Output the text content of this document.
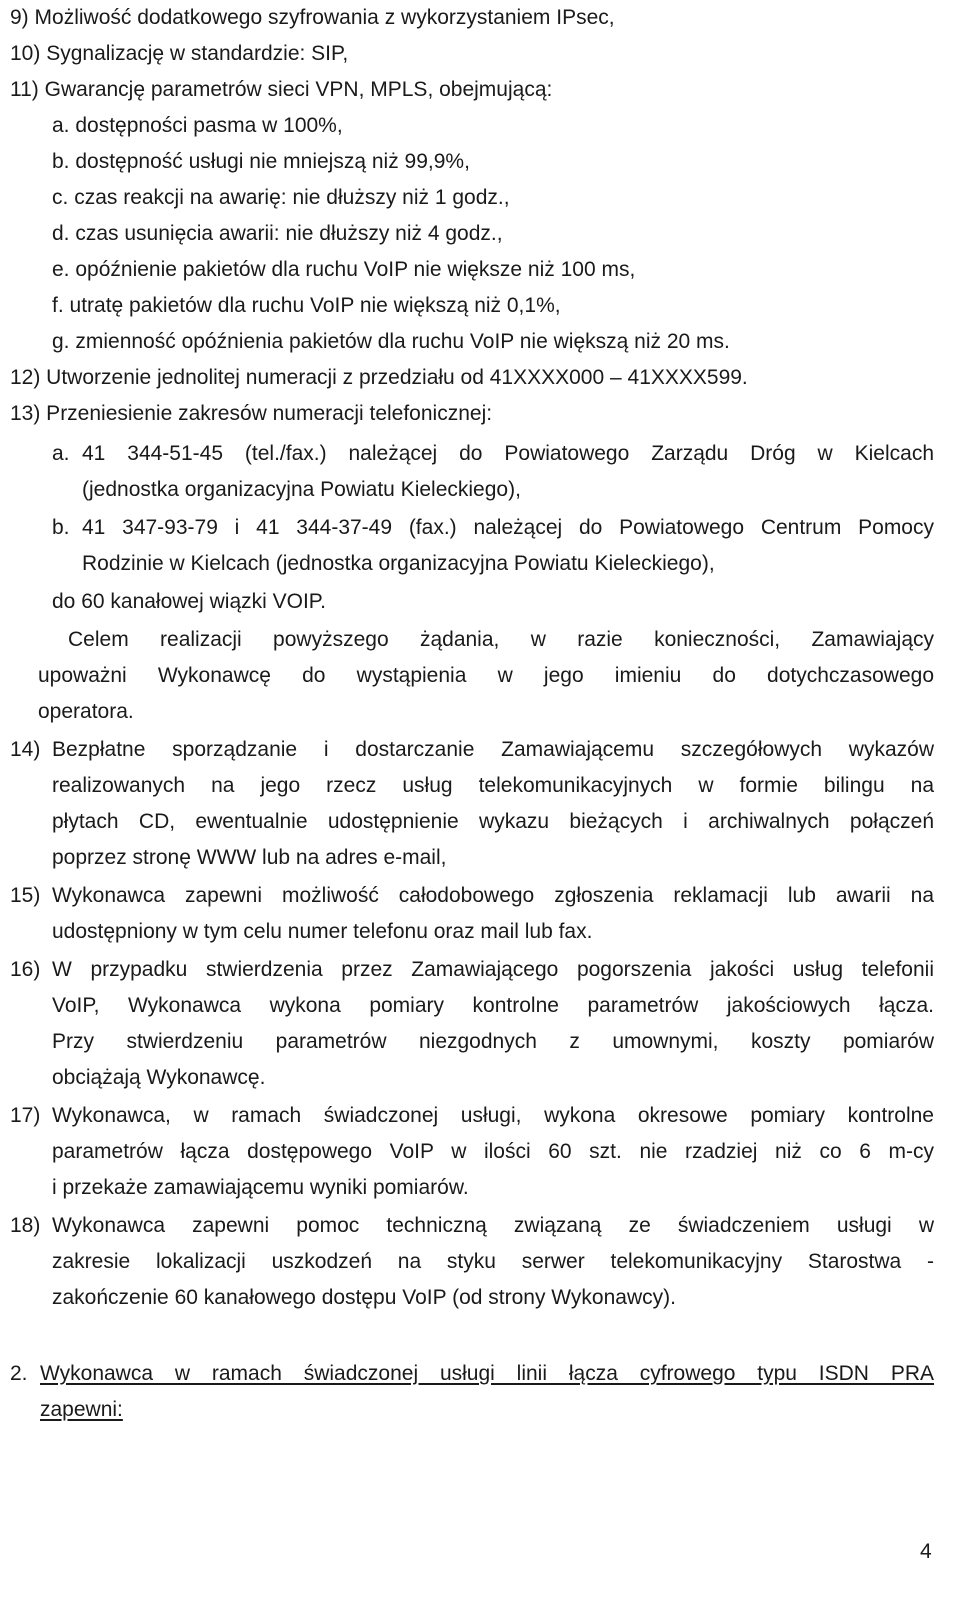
9) Możliwość dodatkowego szyfrowania z wykorzystaniem IPsec,
10) Sygnalizację w standardzie: SIP,
11) Gwarancję parametrów sieci VPN, MPLS, obejmującą:
a. dostępności pasma w 100%,
b. dostępność usługi nie mniejszą niż 99,9%,
c. czas reakcji na awarię: nie dłuższy niż 1 godz.,
d. czas usunięcia awarii: nie dłuższy niż 4 godz.,
e. opóźnienie pakietów dla ruchu VoIP nie większe niż 100 ms,
f. utratę pakietów dla ruchu VoIP nie większą niż 0,1%,
g. zmienność opóźnienia pakietów dla ruchu VoIP nie większą niż 20 ms.
12) Utworzenie jednolitej numeracji z przedziału od 41XXXX000 – 41XXXX599.
13) Przeniesienie zakresów numeracji telefonicznej:
a. 41 344-51-45 (tel./fax.) należącej do Powiatowego Zarządu Dróg w Kielcach
(jednostka organizacyjna Powiatu Kieleckiego),
b. 41 347-93-79 i 41 344-37-49 (fax.) należącej do Powiatowego Centrum Pomocy
Rodzinie w Kielcach (jednostka organizacyjna Powiatu Kieleckiego),
do 60 kanałowej wiązki VOIP.
Celem realizacji powyższego żądania, w razie konieczności, Zamawiający
upoważni Wykonawcę do wystąpienia w jego imieniu do dotychczasowego
operatora.
14) Bezpłatne sporządzanie i dostarczanie Zamawiającemu szczegółowych wykazów
realizowanych na jego rzecz usług telekomunikacyjnych w formie bilingu na
płytach CD, ewentualnie udostępnienie wykazu bieżących i archiwalnych połączeń
poprzez stronę WWW lub na adres e-mail,
15) Wykonawca zapewni możliwość całodobowego zgłoszenia reklamacji lub awarii na
udostępniony w tym celu numer telefonu oraz mail lub fax.
16) W przypadku stwierdzenia przez Zamawiającego pogorszenia jakości usług telefonii
VoIP, Wykonawca wykona pomiary kontrolne parametrów jakościowych łącza.
Przy stwierdzeniu parametrów niezgodnych z umownymi, koszty pomiarów
obciążają Wykonawcę.
17) Wykonawca, w ramach świadczonej usługi, wykona okresowe pomiary kontrolne
parametrów łącza dostępowego VoIP w ilości 60 szt. nie rzadziej niż co 6 m-cy
i przekaże zamawiającemu wyniki pomiarów.
18) Wykonawca zapewni pomoc techniczną związaną ze świadczeniem usługi w
zakresie lokalizacji uszkodzeń na styku serwer telekomunikacyjny Starostwa -
zakończenie 60 kanałowego dostępu VoIP (od strony Wykonawcy).
2. Wykonawca w ramach świadczonej usługi linii łącza cyfrowego typu ISDN PRA
zapewni:
4
